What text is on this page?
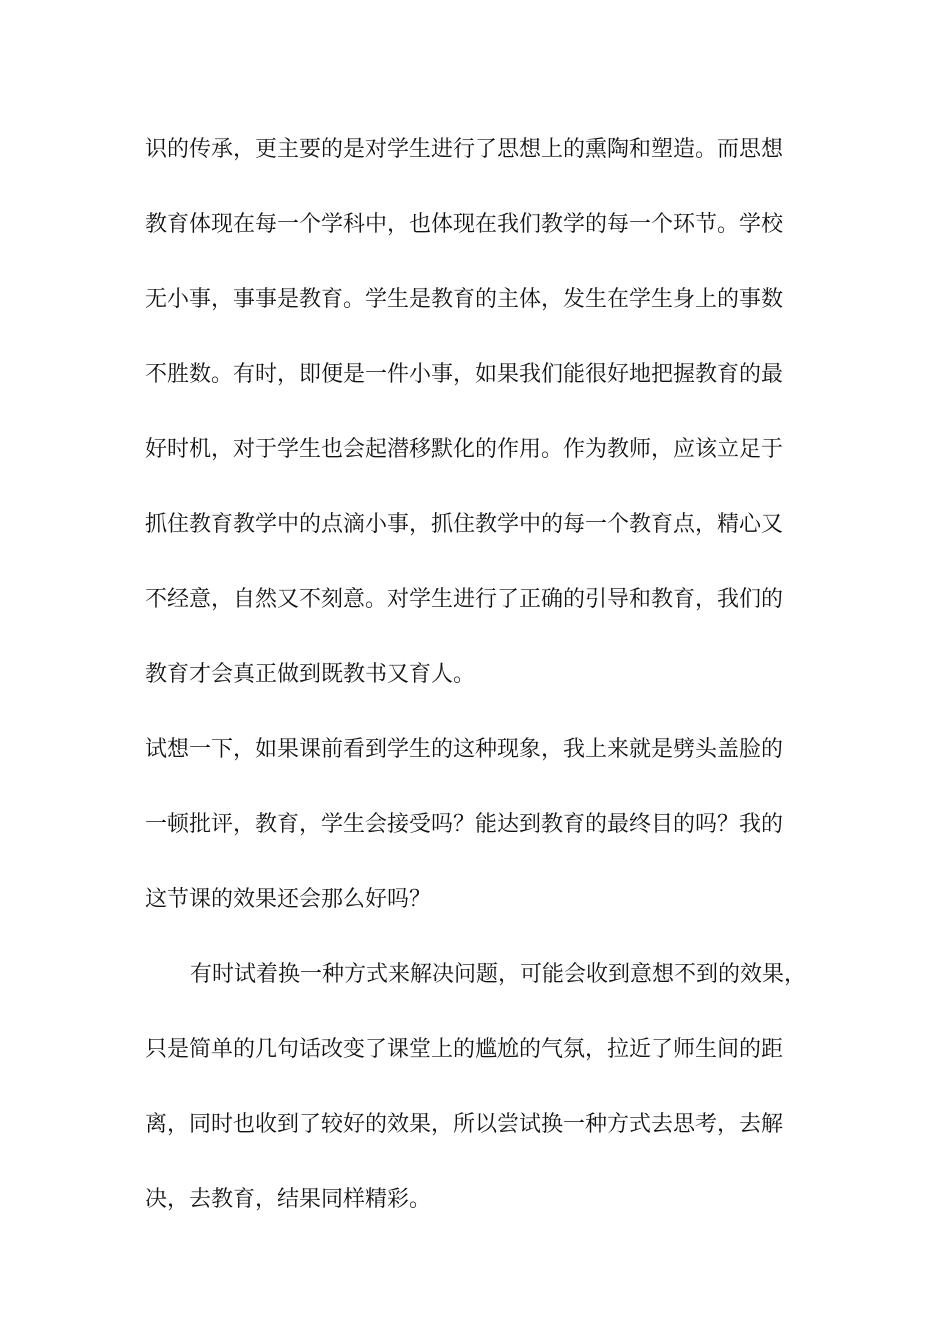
识的传承，更主要的是对学生进行了思想上的熏陶和塑造。而思想

教育体现在每一个学科中，也体现在我们教学的每一个环节。学校

无小事，事事是教育。学生是教育的主体，发生在学生身上的事数

不胜数。有时，即便是一件小事，如果我们能很好地把握教育的最

好时机，对于学生也会起潜移默化的作用。作为教师，应该立足于

抓住教育教学中的点滴小事，抓住教学中的每一个教育点，精心又

不经意，自然又不刻意。对学生进行了正确的引导和教育，我们的

教育才会真正做到既教书又育人。

试想一下，如果课前看到学生的这种现象，我上来就是劈头盖脸的

一顿批评，教育，学生会接受吗？能达到教育的最终目的吗？我的

这节课的效果还会那么好吗？

有时试着换一种方式来解决问题，可能会收到意想不到的效果，

只是简单的几句话改变了课堂上的尴尬的气氛，拉近了师生间的距

离，同时也收到了较好的效果，所以尝试换一种方式去思考，去解

决，去教育，结果同样精彩。
